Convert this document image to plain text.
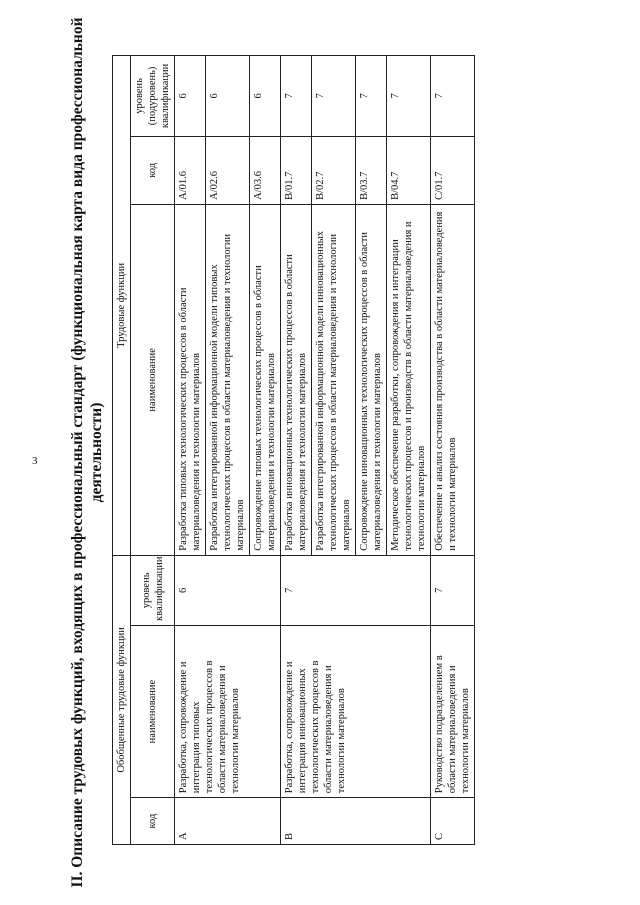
3 II. Описание трудовых функций, входящих в профессиональный стандарт (функциональная карта вида профессиональной деятельности)
Обобщенные трудовые функции			Трудовые функции		
код	наименование	уровень квалификации	наименование	код	уровень (подуровень) квалификации
A	Разработка, сопровождение и интеграция типовых технологических процессов в области материаловедения и технологии материалов	6	Разработка типовых технологических процессов в области материаловедения и технологии материалов	A/01.6	6
			Разработка интегрированной информационной модели типовых технологических процессов в области материаловедения и технологии материалов	A/02.6	6
			Сопровождение типовых технологических процессов в области материаловедения и технологии материалов	A/03.6	6
B	Разработка, сопровождение и интеграция инновационных технологических процессов в области материаловедения и технологии материалов	7	Разработка инновационных технологических процессов в области материаловедения и технологии материалов	B/01.7	7
			Разработка интегрированной информационной модели инновационных технологических процессов в области материаловедения и технологии материалов	B/02.7	7
			Сопровождение инновационных технологических процессов в области материаловедения и технологии материалов	B/03.7	7
			Методическое обеспечение разработки, сопровождения и интеграции технологических процессов и производств в области материаловедения и технологии материалов	B/04.7	7
C	Руководство подразделением в области материаловедения и технологии материалов	7	Обеспечение и анализ состояния производства в области материаловедения и технологии материалов	C/01.7	7
